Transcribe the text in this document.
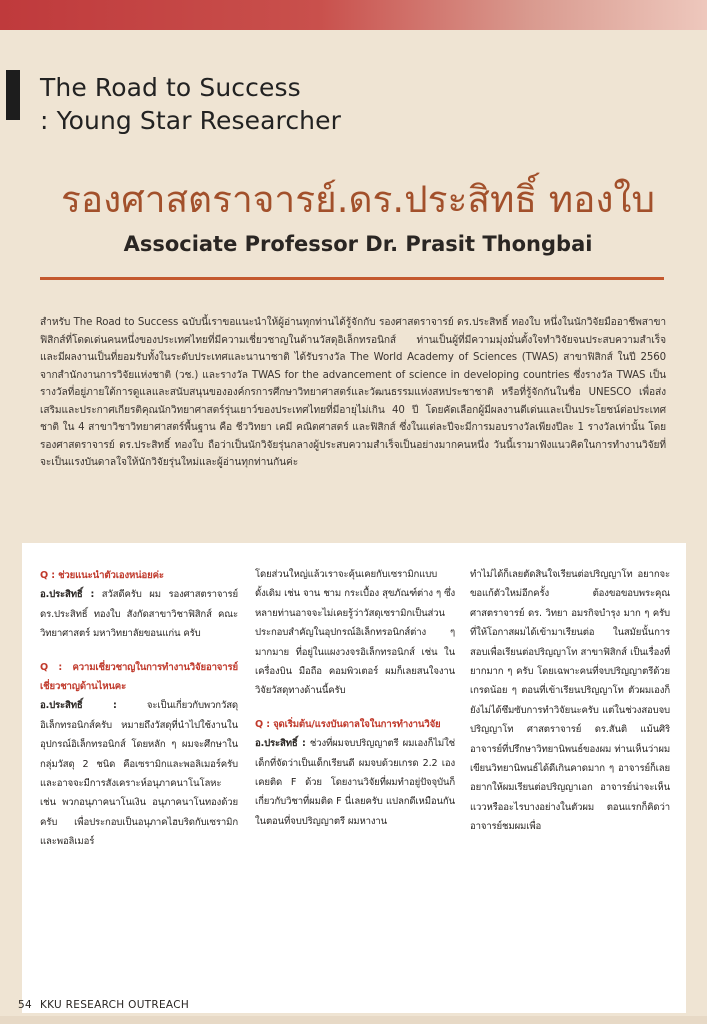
The Road to Success
: Young Star Researcher
รองศาสตราจารย์.ดร.ประสิทธิ์ ทองใบ
Associate Professor Dr. Prasit Thongbai
สำหรับ The Road to Success ฉบับนี้เราขอแนะนำให้ผู้อ่านทุกท่านได้รู้จักกับ รองศาสตราจารย์ ดร.ประสิทธิ์ ทองใบ หนึ่งในนักวิจัยมืออาชีพสาขาฟิสิกส์ที่โดดเด่นคนหนึ่งของประเทศไทยที่มีความเชี่ยวชาญในด้านวัสดุอิเล็กทรอนิกส์ ท่านเป็นผู้ที่มีความมุ่งมั่นตั้งใจทำวิจัยจนประสบความสำเร็จและมีผลงานเป็นที่ยอมรับทั้งในระดับประเทศและนานาชาติ ได้รับรางวัล The World Academy of Sciences (TWAS) สาขาฟิสิกส์ ในปี 2560 จากสำนักงานการวิจัยแห่งชาติ (วช.) และรางวัล TWAS for the advancement of science in developing countries ซึ่งรางวัล TWAS เป็นรางวัลที่อยู่ภายใต้การดูแลและสนับสนุนขององค์กรการศึกษาวิทยาศาสตร์และวัฒนธรรมแห่งสหประชาชาติ หรือที่รู้จักกันในชื่อ UNESCO เพื่อส่งเสริมและประกาศเกียรติคุณนักวิทยาศาสตร์รุ่นเยาว์ของประเทศไทยที่มีอายุไม่เกิน 40 ปี โดยคัดเลือกผู้มีผลงานดีเด่นและเป็นประโยชน์ต่อประเทศชาติ ใน 4 สาขาวิชาวิทยาศาสตร์พื้นฐาน คือ ชีววิทยา เคมี คณิตศาสตร์ และฟิสิกส์ ซึ่งในแต่ละปีจะมีการมอบรางวัลเพียงปีละ 1 รางวัลเท่านั้น โดยรองศาสตราจารย์ ดร.ประสิทธิ์ ทองใบ ถือว่าเป็นนักวิจัยรุ่นกลางผู้ประสบความสำเร็จเป็นอย่างมากคนหนึ่ง วันนี้เรามาฟังแนวคิดในการทำงานวิจัยที่จะเป็นแรงบันดาลใจให้นักวิจัยรุ่นใหม่และผู้อ่านทุกท่านกันค่ะ

Q : ช่วยแนะนำตัวเองหน่อยค่ะ

อ.ประสิทธิ์ : สวัสดีครับ ผม รองศาสตราจารย์ ดร.ประสิทธิ์ ทองใบ สังกัดสาขาวิชาฟิสิกส์ คณะวิทยาศาสตร์ มหาวิทยาลัยขอนแก่น ครับ

Q : ความเชี่ยวชาญในการทำงานวิจัยอาจารย์เชี่ยวชาญด้านไหนคะ

อ.ประสิทธิ์ : จะเป็นเกี่ยวกับพวกวัสดุอิเล็กทรอนิกส์ครับ หมายถึงวัสดุที่นำไปใช้งานในอุปกรณ์อิเล็กทรอนิกส์ โดยหลัก ๆ ผมจะศึกษาในกลุ่มวัสดุ 2 ชนิด คือเซรามิกและพอลิเมอร์ครับ และอาจจะมีการสังเคราะห์อนุภาคนาโนโลหะ เช่น พวกอนุภาคนาโนเงิน อนุภาคนาโนทองด้วยครับ เพื่อประกอบเป็นอนุภาคไฮบริดกับเซรามิกและพอลิเมอร์

โดยส่วนใหญ่แล้วเราจะคุ้นเคยกับเซรามิกแบบดั้งเดิม เช่น จาน ชาม กระเบื้อง สุขภัณฑ์ต่าง ๆ ซึ่งหลายท่านอาจจะไม่เคยรู้ว่าวัสดุเซรามิกเป็นส่วนประกอบสำคัญในอุปกรณ์อิเล็กทรอนิกส์ต่าง ๆ มากมาย ที่อยู่ในแผงวงจรอิเล็กทรอนิกส์ เช่น ในเครื่องบิน มือถือ คอมพิวเตอร์ ผมก็เลยสนใจงานวิจัยวัสดุทางด้านนี้ครับ

Q : จุดเริ่มต้น/แรงบันดาลใจในการทำงานวิจัย

อ.ประสิทธิ์ : ช่วงที่ผมจบปริญญาตรี ผมเองก็ไม่ใช่เด็กที่จัดว่าเป็นเด็กเรียนดี ผมจบด้วยเกรด 2.2 เอง เคยติด F ด้วย โดยงานวิจัยที่ผมทำอยู่ปัจจุบันก็เกี่ยวกับวิชาที่ผมติด F นี่เลยครับ แปลกดีเหมือนกัน ในตอนที่จบปริญญาตรี ผมหางาน

ทำไม่ได้ก็เลยตัดสินใจเรียนต่อปริญญาโท อยากจะขอแก้ตัวใหม่อีกครั้ง ต้องขอขอบพระคุณ ศาสตราจารย์ ดร. วิทยา อมรกิจบำรุง มาก ๆ ครับ ที่ให้โอกาสผมได้เข้ามาเรียนต่อ ในสมัยนั้นการสอบเพื่อเรียนต่อปริญญาโท สาขาฟิสิกส์ เป็นเรื่องที่ยากมาก ๆ ครับ โดยเฉพาะคนที่จบปริญญาตรีด้วยเกรดน้อย ๆ ตอนที่เข้าเรียนปริญญาโท ตัวผมเองก็ยังไม่ได้ซึมซับการทำวิจัยนะครับ แต่ในช่วงสอบจบปริญญาโท ศาสตราจารย์ ดร.สันติ แม้นศิริ อาจารย์ที่ปรึกษาวิทยานิพนธ์ของผม ท่านเห็นว่าผมเขียนวิทยานิพนธ์ได้ดีเกินคาดมาก ๆ อาจารย์ก็เลยอยากให้ผมเรียนต่อปริญญาเอก อาจารย์น่าจะเห็นแววหรืออะไรบางอย่างในตัวผม ตอนแรกก็คิดว่าอาจารย์ชมผมเพื่อ

54 KKU RESEARCH OUTREACH
